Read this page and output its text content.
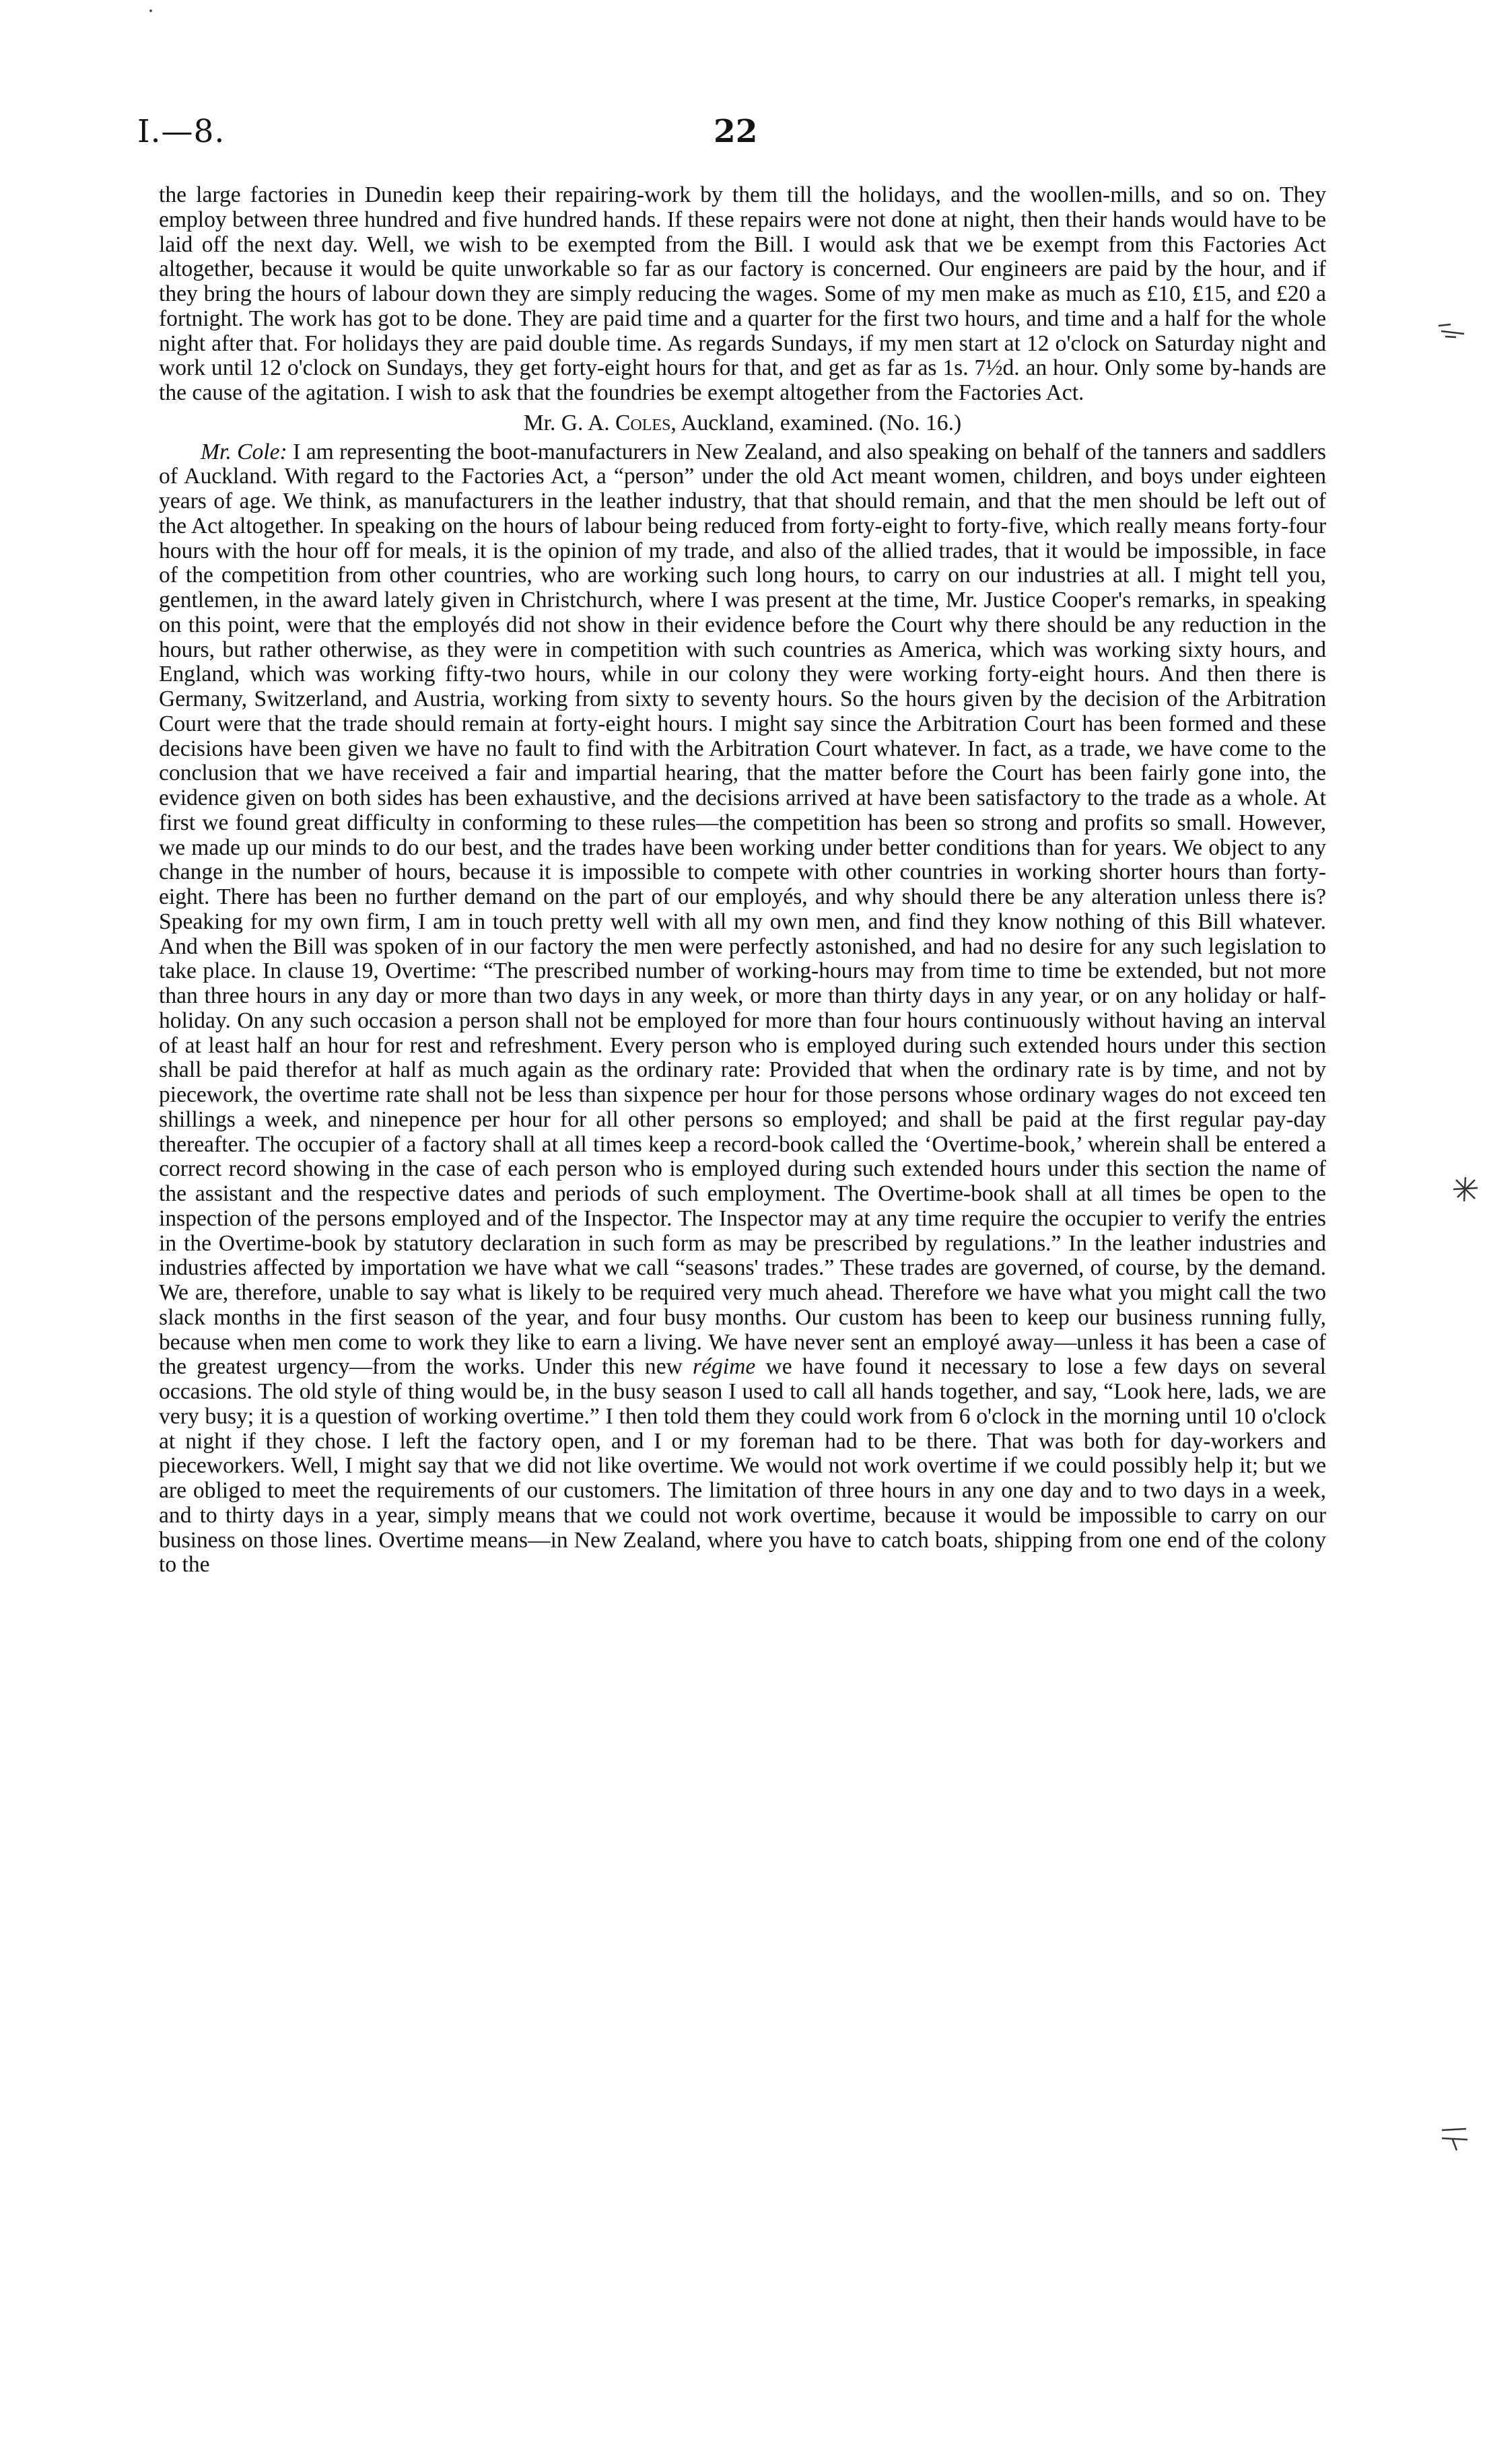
I.—8.	22

the large factories in Dunedin keep their repairing-work by them till the holidays, and the woollen-mills, and so on. They employ between three hundred and five hundred hands. If these repairs were not done at night, then their hands would have to be laid off the next day. Well, we wish to be exempted from the Bill. I would ask that we be exempt from this Factories Act altogether, because it would be quite unworkable so far as our factory is concerned. Our engineers are paid by the hour, and if they bring the hours of labour down they are simply reducing the wages. Some of my men make as much as £10, £15, and £20 a fortnight. The work has got to be done. They are paid time and a quarter for the first two hours, and time and a half for the whole night after that. For holidays they are paid double time. As regards Sundays, if my men start at 12 o'clock on Saturday night and work until 12 o'clock on Sundays, they get forty-eight hours for that, and get as far as 1s. 7½d. an hour. Only some by-hands are the cause of the agitation. I wish to ask that the foundries be exempt altogether from the Factories Act.

Mr. G. A. Coles, Auckland, examined. (No. 16.)

Mr. Cole: I am representing the boot-manufacturers in New Zealand, and also speaking on behalf of the tanners and saddlers of Auckland. With regard to the Factories Act, a “person” under the old Act meant women, children, and boys under eighteen years of age. We think, as manufacturers in the leather industry, that that should remain, and that the men should be left out of the Act altogether. In speaking on the hours of labour being reduced from forty-eight to forty-five, which really means forty-four hours with the hour off for meals, it is the opinion of my trade, and also of the allied trades, that it would be impossible, in face of the competition from other countries, who are working such long hours, to carry on our industries at all. I might tell you, gentlemen, in the award lately given in Christchurch, where I was present at the time, Mr. Justice Cooper's remarks, in speaking on this point, were that the employés did not show in their evidence before the Court why there should be any reduction in the hours, but rather otherwise, as they were in competition with such countries as America, which was working sixty hours, and England, which was working fifty-two hours, while in our colony they were working forty-eight hours. And then there is Germany, Switzerland, and Austria, working from sixty to seventy hours. So the hours given by the decision of the Arbitration Court were that the trade should remain at forty-eight hours. I might say since the Arbitration Court has been formed and these decisions have been given we have no fault to find with the Arbitration Court whatever. In fact, as a trade, we have come to the conclusion that we have received a fair and impartial hearing, that the matter before the Court has been fairly gone into, the evidence given on both sides has been exhaustive, and the decisions arrived at have been satisfactory to the trade as a whole. At first we found great difficulty in conforming to these rules—the competition has been so strong and profits so small. However, we made up our minds to do our best, and the trades have been working under better conditions than for years. We object to any change in the number of hours, because it is impossible to compete with other countries in working shorter hours than forty-eight. There has been no further demand on the part of our employés, and why should there be any alteration unless there is? Speaking for my own firm, I am in touch pretty well with all my own men, and find they know nothing of this Bill whatever. And when the Bill was spoken of in our factory the men were perfectly astonished, and had no desire for any such legislation to take place. In clause 19, Overtime: “The prescribed number of working-hours may from time to time be extended, but not more than three hours in any day or more than two days in any week, or more than thirty days in any year, or on any holiday or half-holiday. On any such occasion a person shall not be employed for more than four hours continuously without having an interval of at least half an hour for rest and refreshment. Every person who is employed during such extended hours under this section shall be paid therefor at half as much again as the ordinary rate: Provided that when the ordinary rate is by time, and not by piecework, the overtime rate shall not be less than sixpence per hour for those persons whose ordinary wages do not exceed ten shillings a week, and ninepence per hour for all other persons so employed; and shall be paid at the first regular pay-day thereafter. The occupier of a factory shall at all times keep a record-book called the ‘Overtime-book,’ wherein shall be entered a correct record showing in the case of each person who is employed during such extended hours under this section the name of the assistant and the respective dates and periods of such employment. The Overtime-book shall at all times be open to the inspection of the persons employed and of the Inspector. The Inspector may at any time require the occupier to verify the entries in the Overtime-book by statutory declaration in such form as may be prescribed by regulations.” In the leather industries and industries affected by importation we have what we call “seasons' trades.” These trades are governed, of course, by the demand. We are, therefore, unable to say what is likely to be required very much ahead. Therefore we have what you might call the two slack months in the first season of the year, and four busy months. Our custom has been to keep our business running fully, because when men come to work they like to earn a living. We have never sent an employé away—unless it has been a case of the greatest urgency—from the works. Under this new régime we have found it necessary to lose a few days on several occasions. The old style of thing would be, in the busy season I used to call all hands together, and say, “Look here, lads, we are very busy; it is a question of working overtime.” I then told them they could work from 6 o'clock in the morning until 10 o'clock at night if they chose. I left the factory open, and I or my foreman had to be there. That was both for day-workers and pieceworkers. Well, I might say that we did not like overtime. We would not work overtime if we could possibly help it; but we are obliged to meet the requirements of our customers. The limitation of three hours in any one day and to two days in a week, and to thirty days in a year, simply means that we could not work overtime, because it would be impossible to carry on our business on those lines. Overtime means—in New Zealand, where you have to catch boats, shipping from one end of the colony to the
